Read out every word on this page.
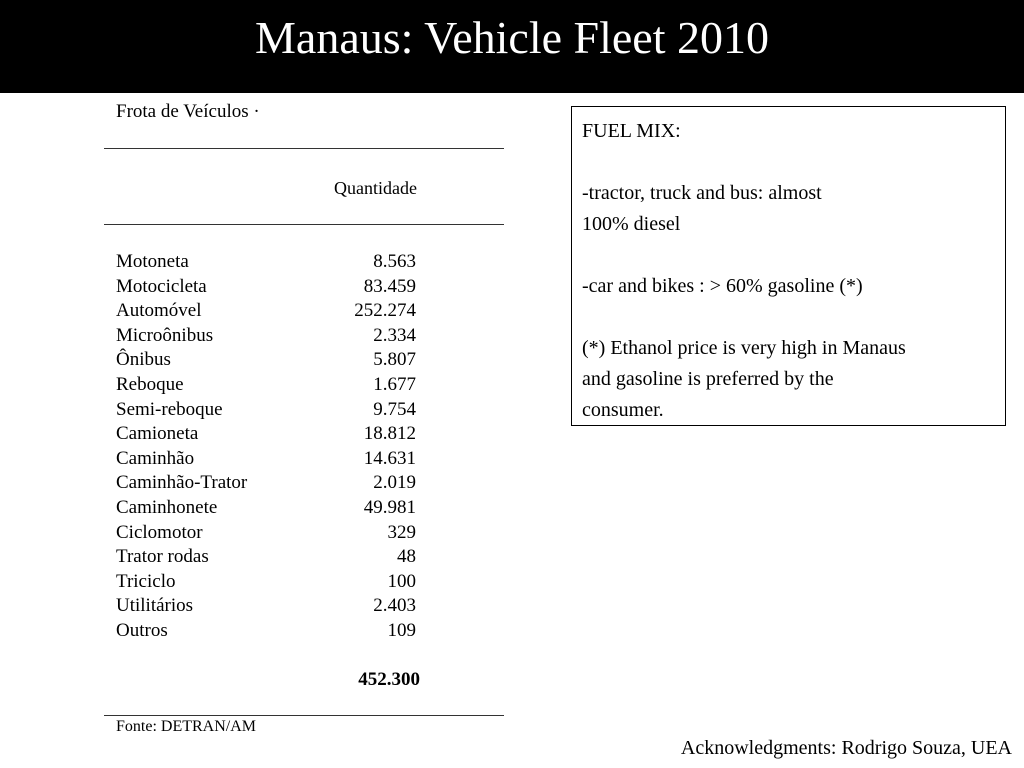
Manaus: Vehicle Fleet 2010
Frota de Veículos ·
Quantidade
Motoneta	8.563
Motocicleta	83.459
Automóvel	252.274
Microônibus	2.334
Ônibus	5.807
Reboque	1.677
Semi-reboque	9.754
Camioneta	18.812
Caminhão	14.631
Caminhão-Trator	2.019
Caminhonete	49.981
Ciclomotor	329
Trator rodas	48
Triciclo	100
Utilitários	2.403
Outros	109
452.300
Fonte: DETRAN/AM

FUEL MIX:

-tractor, truck and bus: almost
100% diesel

-car and bikes : > 60% gasoline (*)

(*) Ethanol price is very high in Manaus
and gasoline is preferred by the
consumer.

Acknowledgments: Rodrigo Souza, UEA
